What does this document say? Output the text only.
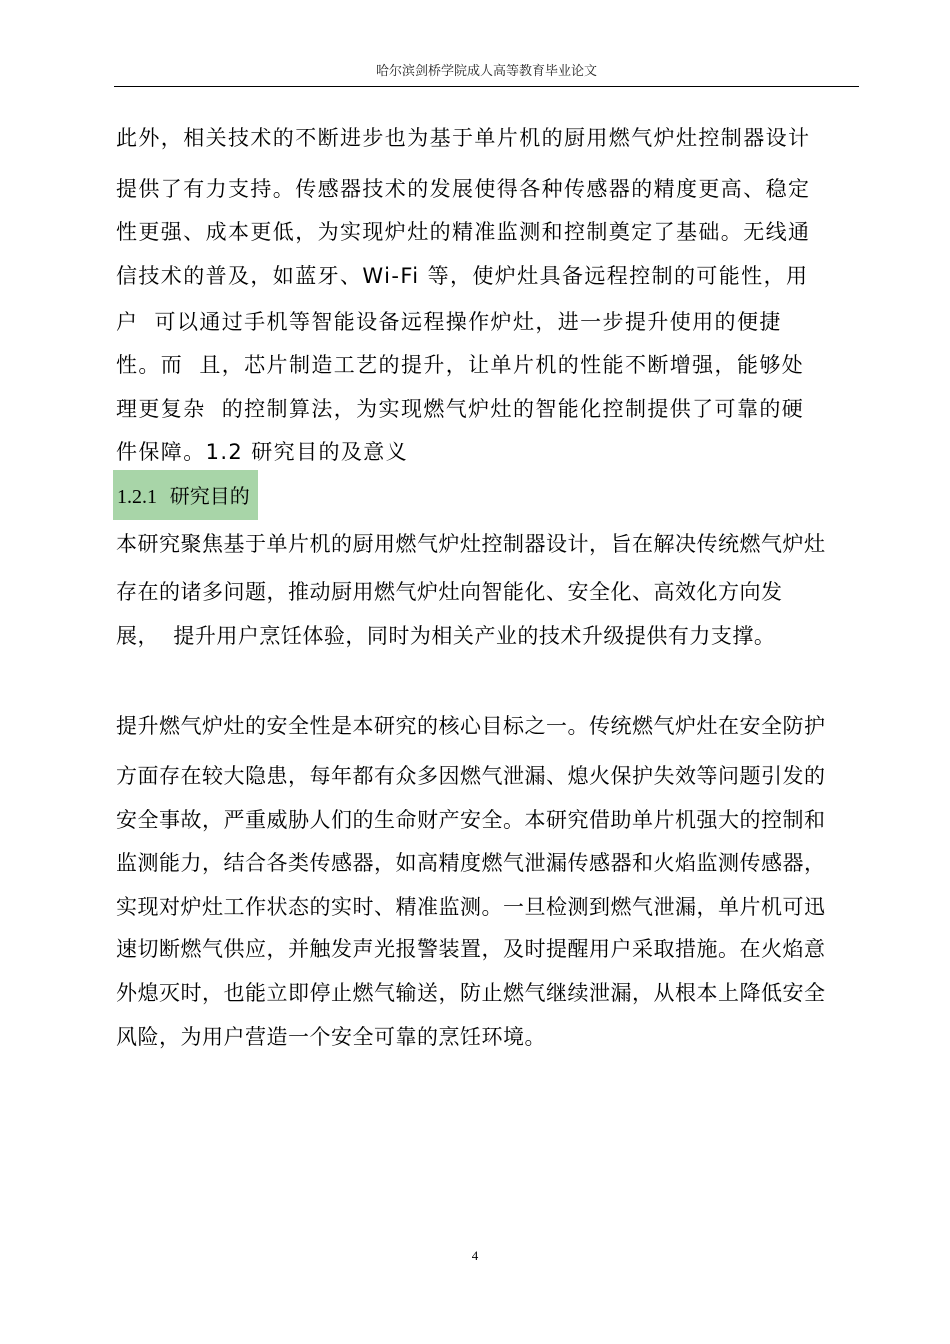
哈尔滨剑桥学院成人高等教育毕业论文
此外，相关技术的不断进步也为基于单片机的厨用燃气炉灶控制器设计
提供了有力支持。传感器技术的发展使得各种传感器的精度更高、稳定
性更强、成本更低，为实现炉灶的精准监测和控制奠定了基础。无线通
信技术的普及，如蓝牙、Wi-Fi 等，使炉灶具备远程控制的可能性，用
户  可以通过手机等智能设备远程操作炉灶，进一步提升使用的便捷
性。而  且，芯片制造工艺的提升，让单片机的性能不断增强，能够处
理更复杂  的控制算法，为实现燃气炉灶的智能化控制提供了可靠的硬
件保障。1.2 研究目的及意义
1.2.1 研究目的
本研究聚焦基于单片机的厨用燃气炉灶控制器设计，旨在解决传统燃气炉灶
存在的诸多问题，推动厨用燃气炉灶向智能化、安全化、高效化方向发
展，  提升用户烹饪体验，同时为相关产业的技术升级提供有力支撑。
提升燃气炉灶的安全性是本研究的核心目标之一。传统燃气炉灶在安全防护
方面存在较大隐患，每年都有众多因燃气泄漏、熄火保护失效等问题引发的
安全事故，严重威胁人们的生命财产安全。本研究借助单片机强大的控制和
监测能力，结合各类传感器，如高精度燃气泄漏传感器和火焰监测传感器，
实现对炉灶工作状态的实时、精准监测。一旦检测到燃气泄漏，单片机可迅
速切断燃气供应，并触发声光报警装置，及时提醒用户采取措施。在火焰意
外熄灭时，也能立即停止燃气输送，防止燃气继续泄漏，从根本上降低安全
风险，为用户营造一个安全可靠的烹饪环境。
4
